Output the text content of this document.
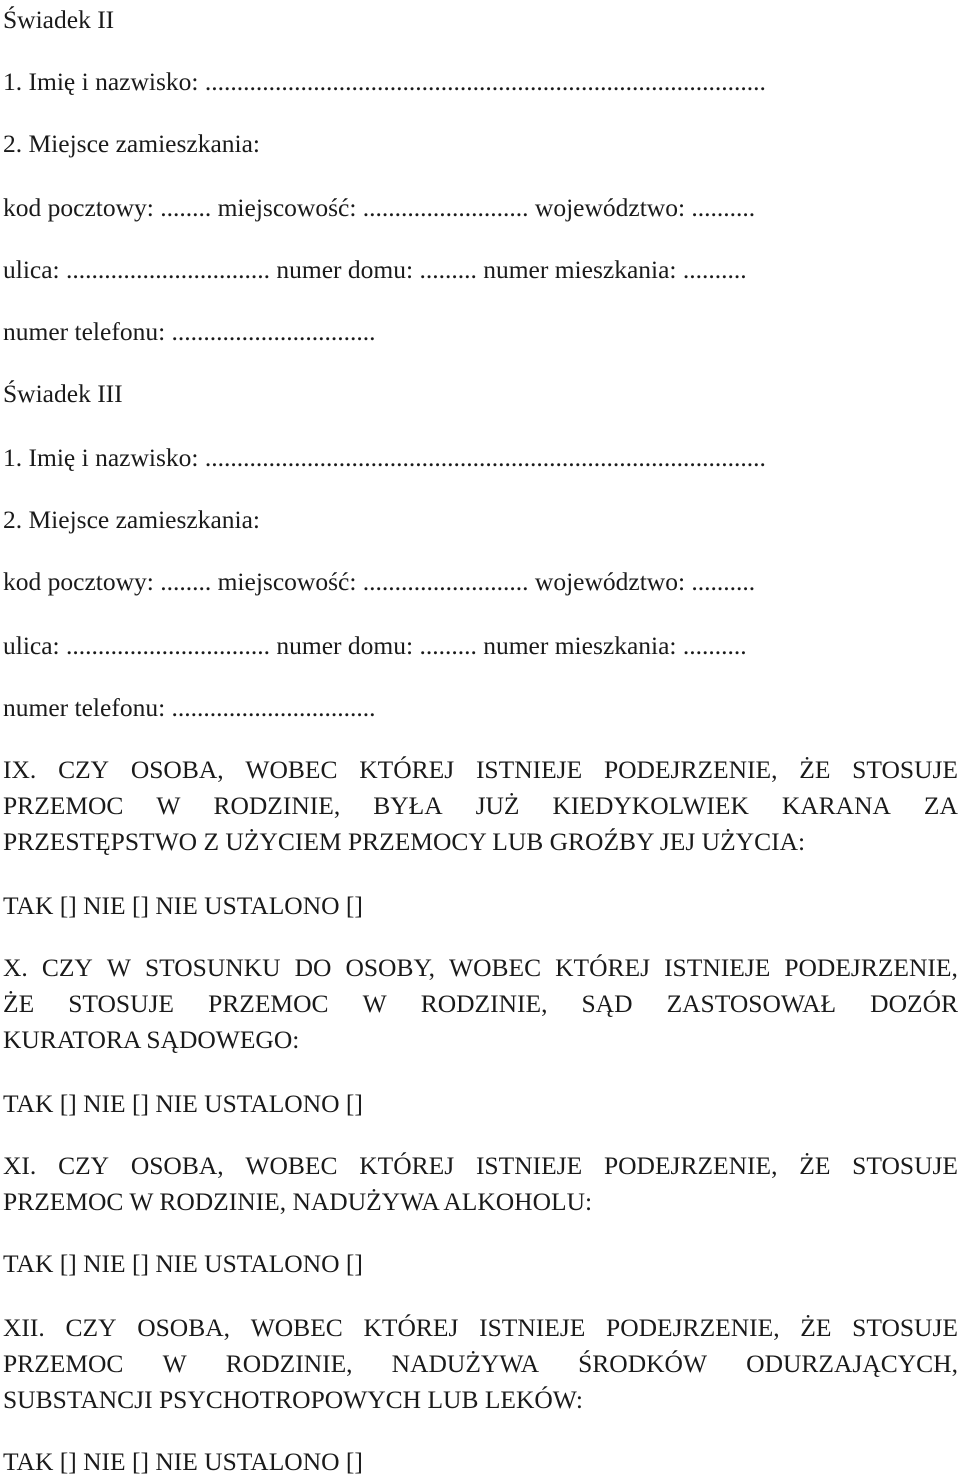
Świadek II
1. Imię i nazwisko: ........................................................................................
2. Miejsce zamieszkania:
kod pocztowy: ........ miejscowość: .......................... województwo: ..........
ulica: ................................ numer domu: ......... numer mieszkania: ..........
numer telefonu: ................................
Świadek III
1. Imię i nazwisko: ........................................................................................
2. Miejsce zamieszkania:
kod pocztowy: ........ miejscowość: .......................... województwo: ..........
ulica: ................................ numer domu: ......... numer mieszkania: ..........
numer telefonu: ................................
IX. CZY OSOBA, WOBEC KTÓREJ ISTNIEJE PODEJRZENIE, ŻE STOSUJE
PRZEMOC W RODZINIE, BYŁA JUŻ KIEDYKOLWIEK KARANA ZA
PRZESTĘPSTWO Z UŻYCIEM PRZEMOCY LUB GROŹBY JEJ UŻYCIA:
TAK [] NIE [] NIE USTALONO []
X. CZY W STOSUNKU DO OSOBY, WOBEC KTÓREJ ISTNIEJE PODEJRZENIE,
ŻE STOSUJE PRZEMOC W RODZINIE, SĄD ZASTOSOWAŁ DOZÓR
KURATORA SĄDOWEGO:
TAK [] NIE [] NIE USTALONO []
XI. CZY OSOBA, WOBEC KTÓREJ ISTNIEJE PODEJRZENIE, ŻE STOSUJE
PRZEMOC W RODZINIE, NADUŻYWA ALKOHOLU:
TAK [] NIE [] NIE USTALONO []
XII. CZY OSOBA, WOBEC KTÓREJ ISTNIEJE PODEJRZENIE, ŻE STOSUJE
PRZEMOC W RODZINIE, NADUŻYWA ŚRODKÓW ODURZAJĄCYCH,
SUBSTANCJI PSYCHOTROPOWYCH LUB LEKÓW:
TAK [] NIE [] NIE USTALONO []
